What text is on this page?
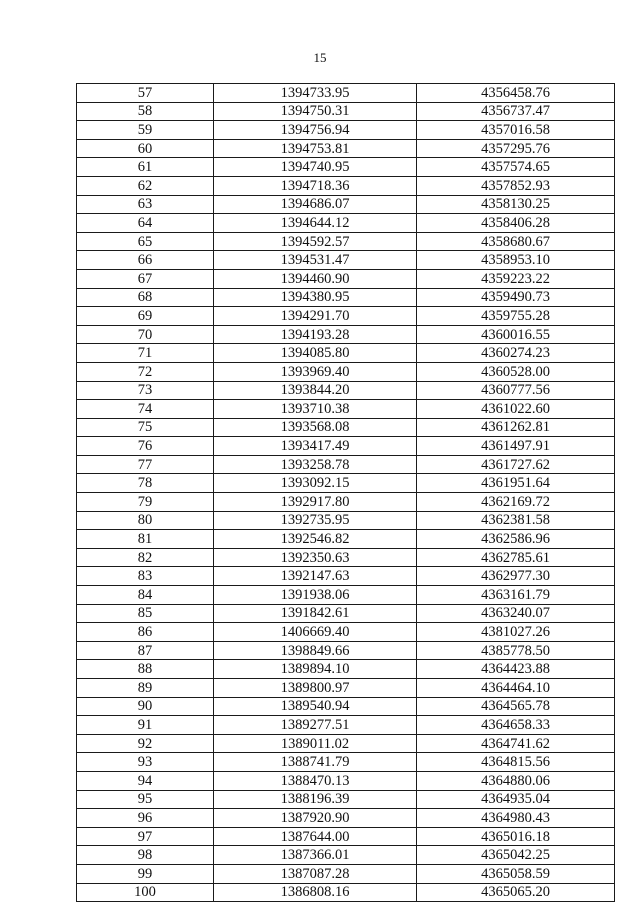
15
57	1394733.95	4356458.76
58	1394750.31	4356737.47
59	1394756.94	4357016.58
60	1394753.81	4357295.76
61	1394740.95	4357574.65
62	1394718.36	4357852.93
63	1394686.07	4358130.25
64	1394644.12	4358406.28
65	1394592.57	4358680.67
66	1394531.47	4358953.10
67	1394460.90	4359223.22
68	1394380.95	4359490.73
69	1394291.70	4359755.28
70	1394193.28	4360016.55
71	1394085.80	4360274.23
72	1393969.40	4360528.00
73	1393844.20	4360777.56
74	1393710.38	4361022.60
75	1393568.08	4361262.81
76	1393417.49	4361497.91
77	1393258.78	4361727.62
78	1393092.15	4361951.64
79	1392917.80	4362169.72
80	1392735.95	4362381.58
81	1392546.82	4362586.96
82	1392350.63	4362785.61
83	1392147.63	4362977.30
84	1391938.06	4363161.79
85	1391842.61	4363240.07
86	1406669.40	4381027.26
87	1398849.66	4385778.50
88	1389894.10	4364423.88
89	1389800.97	4364464.10
90	1389540.94	4364565.78
91	1389277.51	4364658.33
92	1389011.02	4364741.62
93	1388741.79	4364815.56
94	1388470.13	4364880.06
95	1388196.39	4364935.04
96	1387920.90	4364980.43
97	1387644.00	4365016.18
98	1387366.01	4365042.25
99	1387087.28	4365058.59
100	1386808.16	4365065.20
